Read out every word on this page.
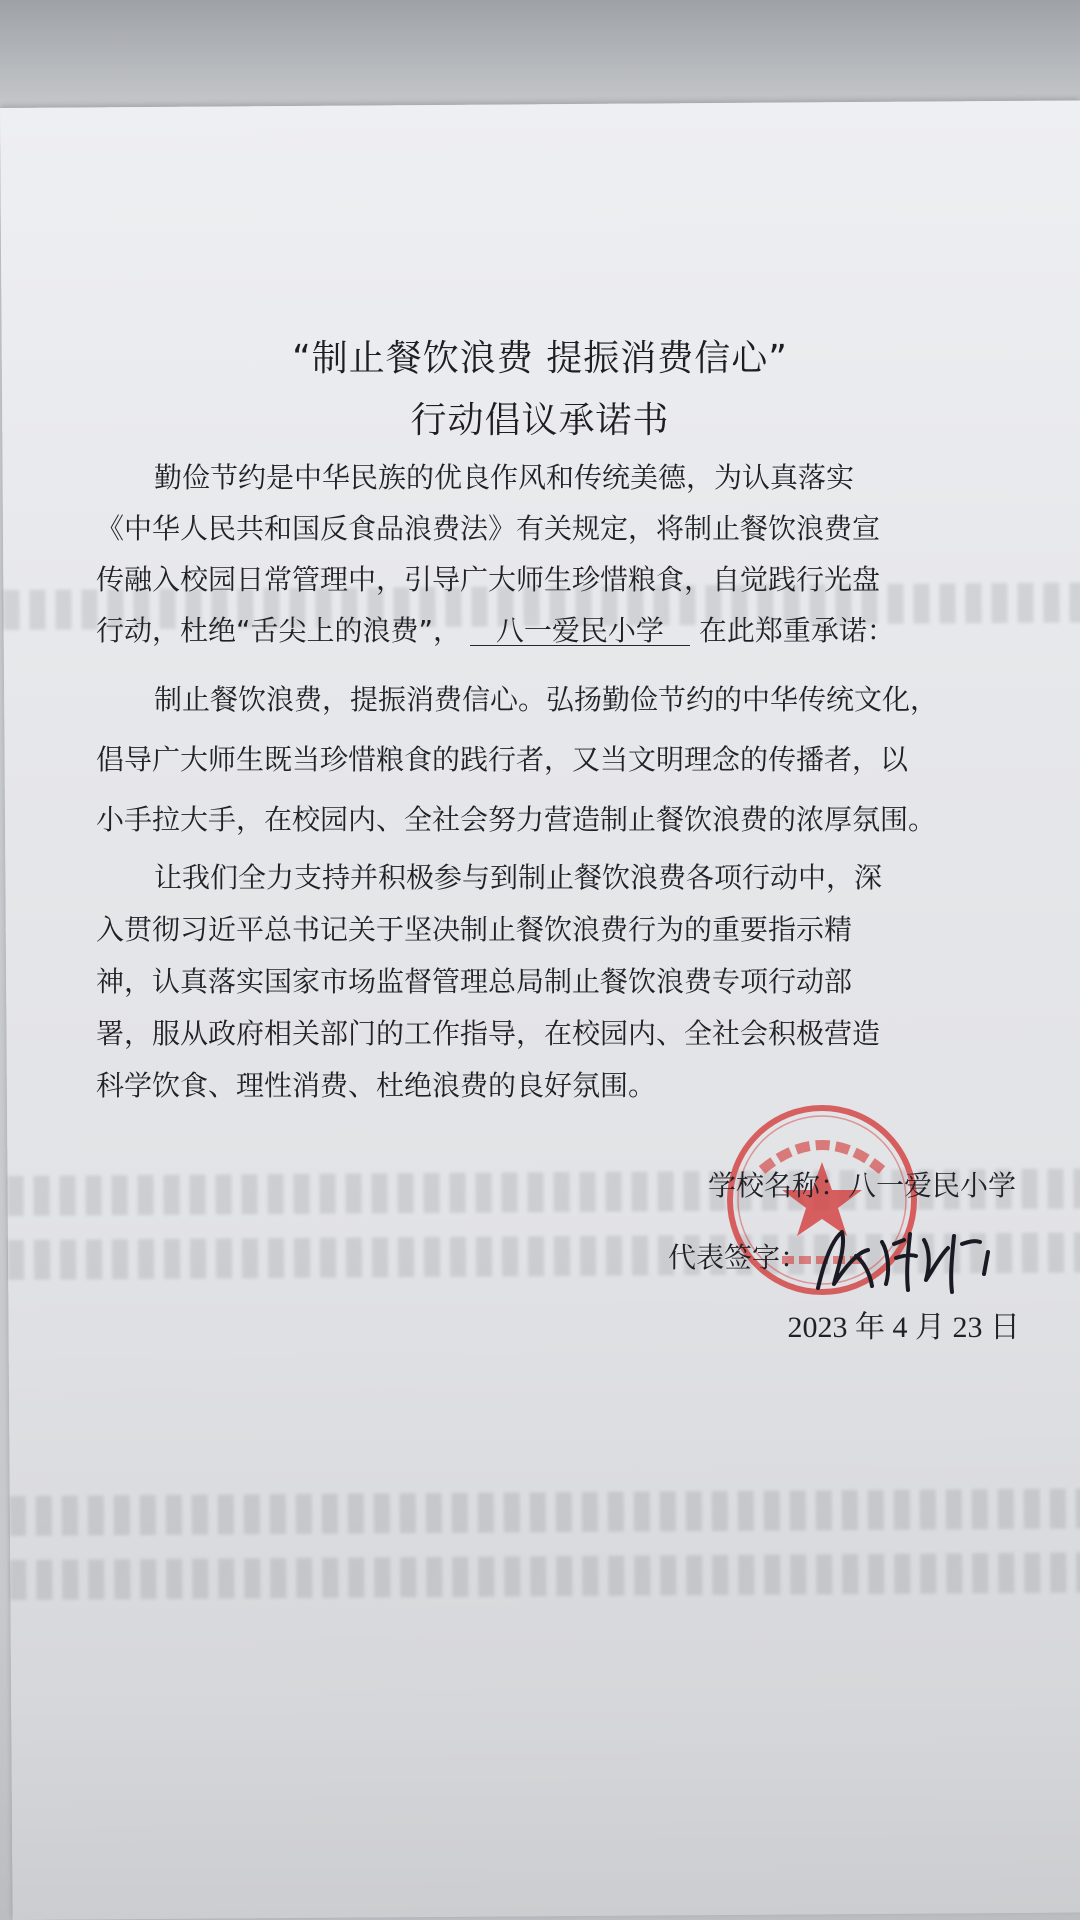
“制止餐饮浪费 提振消费信心”
行动倡议承诺书
勤俭节约是中华民族的优良作风和传统美德，为认真落实
《中华人民共和国反食品浪费法》有关规定，将制止餐饮浪费宣
传融入校园日常管理中，引导广大师生珍惜粮食，自觉践行光盘
行动，杜绝“舌尖上的浪费”， 八一爱民小学 在此郑重承诺：
制止餐饮浪费，提振消费信心。弘扬勤俭节约的中华传统文化，
倡导广大师生既当珍惜粮食的践行者，又当文明理念的传播者，以
小手拉大手，在校园内、全社会努力营造制止餐饮浪费的浓厚氛围。
让我们全力支持并积极参与到制止餐饮浪费各项行动中，深
入贯彻习近平总书记关于坚决制止餐饮浪费行为的重要指示精
神，认真落实国家市场监督管理总局制止餐饮浪费专项行动部
署，服从政府相关部门的工作指导，在校园内、全社会积极营造
科学饮食、理性消费、杜绝浪费的良好氛围。
学校名称：八一爱民小学
代表签字：
2023 年 4 月 23 日
